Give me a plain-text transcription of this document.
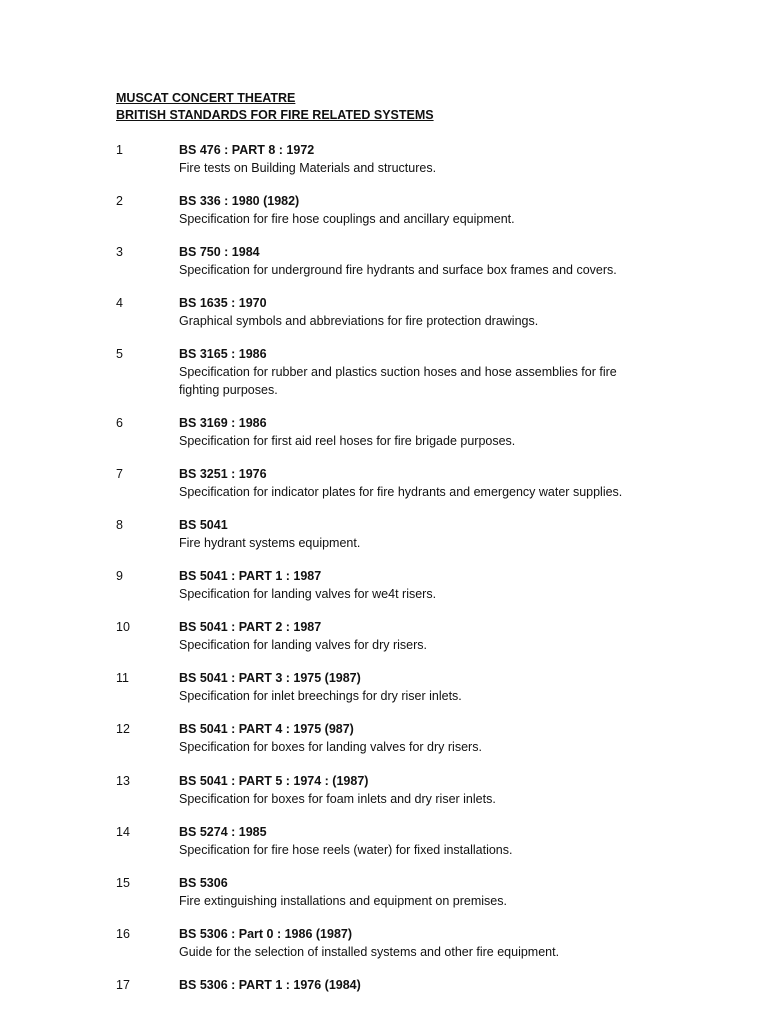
MUSCAT CONCERT THEATRE
BRITISH STANDARDS FOR FIRE RELATED SYSTEMS
1	BS 476 : PART 8 : 1972
Fire tests on Building Materials and structures.
2	BS 336 : 1980 (1982)
Specification for fire hose couplings and ancillary equipment.
3	BS 750 : 1984
Specification for underground fire hydrants and surface box frames and covers.
4	BS 1635 : 1970
Graphical symbols and abbreviations for fire protection drawings.
5	BS 3165 : 1986
Specification for rubber and plastics suction hoses and hose assemblies for fire fighting purposes.
6	BS 3169 : 1986
Specification for first aid reel hoses for fire brigade purposes.
7	BS 3251 : 1976
Specification for indicator plates for fire hydrants and emergency water supplies.
8	BS 5041
Fire hydrant systems equipment.
9	BS 5041 : PART 1 : 1987
Specification for landing valves for we4t risers.
10	BS 5041 : PART 2 : 1987
Specification for landing valves for dry risers.
11	BS 5041 : PART 3 : 1975 (1987)
Specification for inlet breechings for dry riser inlets.
12	BS 5041 : PART 4 : 1975 (987)
Specification for boxes for landing valves for dry risers.
13	BS 5041 : PART 5 : 1974 : (1987)
Specification for boxes for foam inlets and dry riser inlets.
14	BS 5274 : 1985
Specification for fire hose reels (water) for fixed installations.
15	BS 5306
Fire extinguishing installations and equipment on premises.
16	BS 5306 : Part 0 : 1986 (1987)
Guide for the selection of installed systems and other fire equipment.
17	BS 5306 : PART 1 : 1976 (1984)
